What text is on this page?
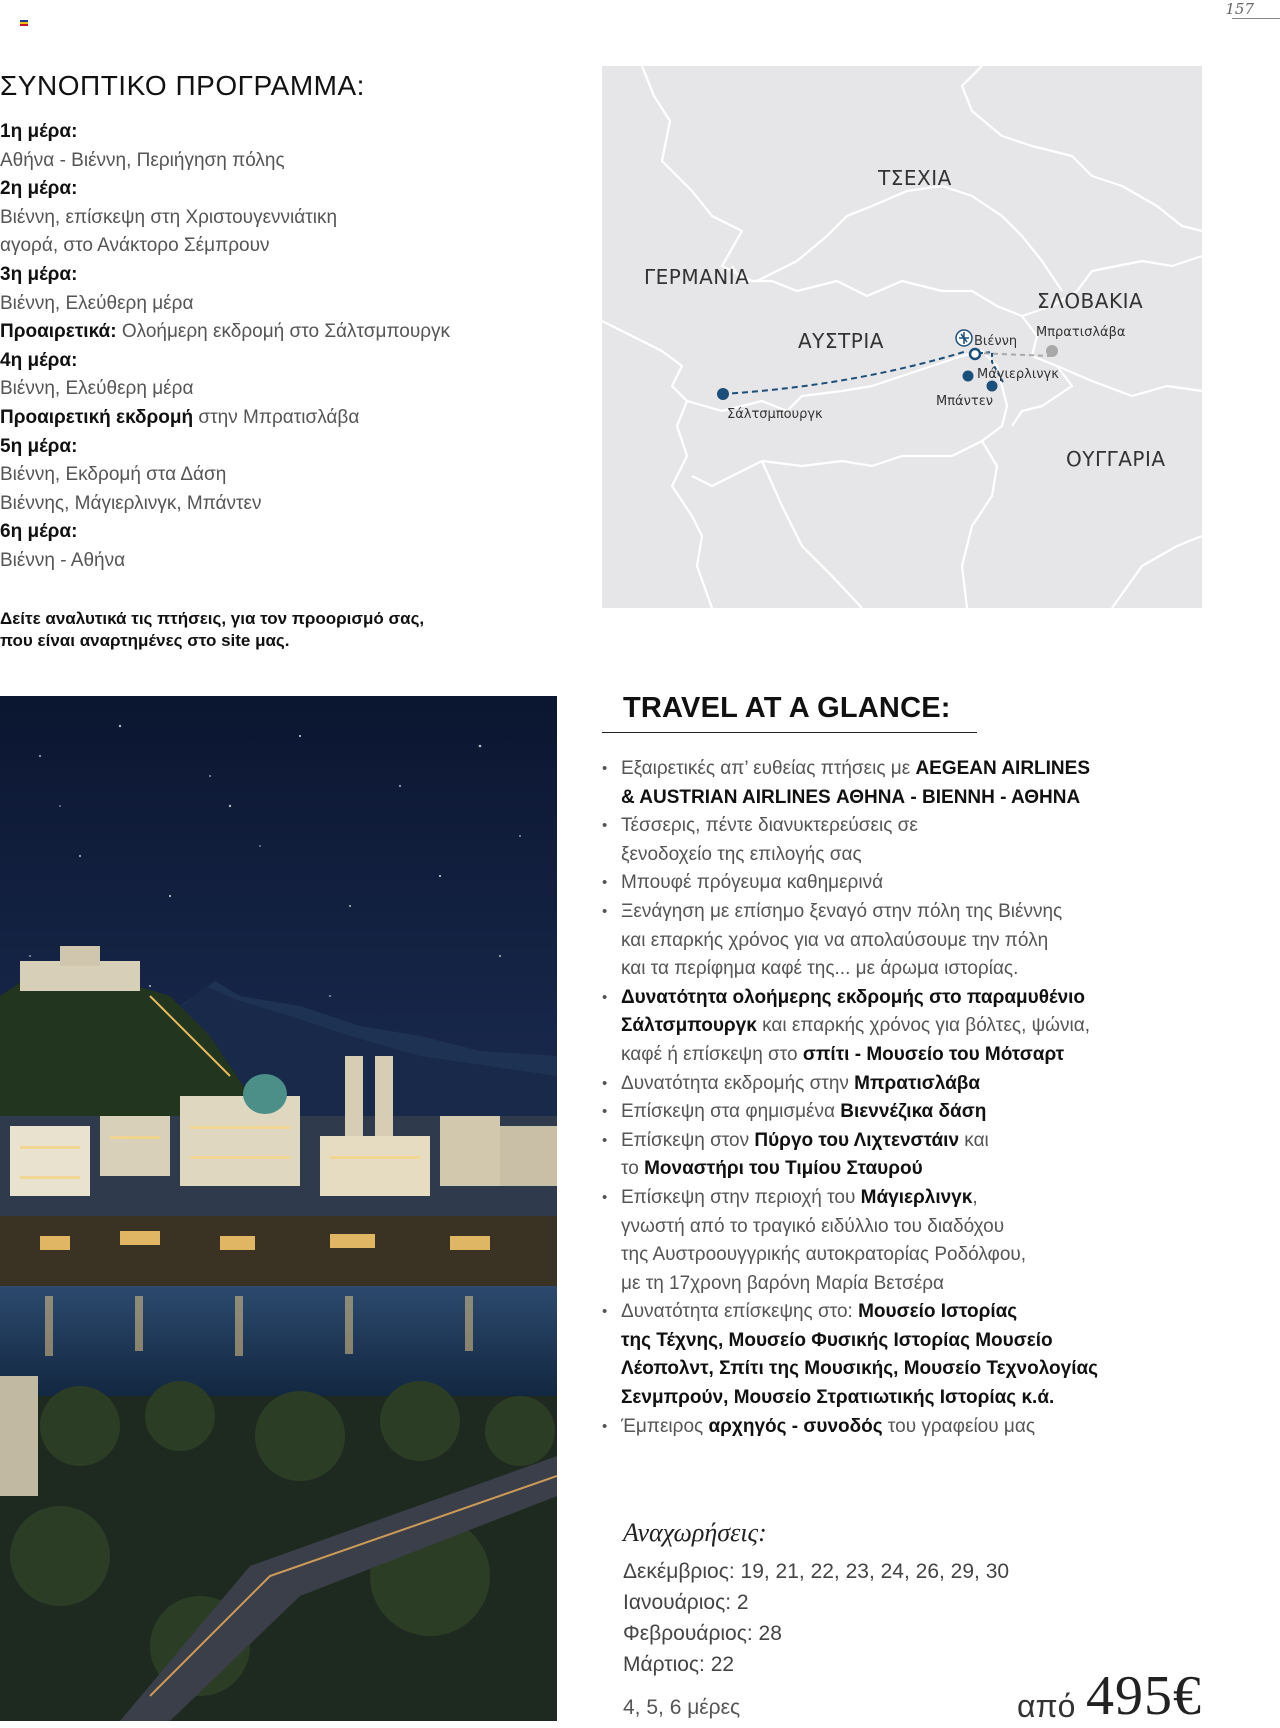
157
ΣΥΝΟΠΤΙΚΟ ΠΡΟΓΡΑΜΜΑ:
1η μέρα:
Αθήνα - Βιέννη, Περιήγηση πόλης
2η μέρα:
Βιέννη, επίσκεψη στη Χριστουγεννιάτικη
αγορά, στο Ανάκτορο Σέμπρουν
3η μέρα:
Βιέννη, Ελεύθερη μέρα
Προαιρετικά: Ολοήμερη εκδρομή στο Σάλτσμπουργκ
4η μέρα:
Βιέννη, Ελεύθερη μέρα
Προαιρετική εκδρομή στην Μπρατισλάβα
5η μέρα:
Βιέννη, Εκδρομή στα Δάση
Βιέννης, Μάγιερλινγκ, Μπάντεν
6η μέρα:
Βιέννη - Αθήνα
Δείτε αναλυτικά τις πτήσεις, για τον προορισμό σας,
που είναι αναρτημένες στο site μας.
ΤΣΕΧΙΑ
ΓΕΡΜΑΝΙΑ
ΑΥΣΤΡΙΑ
ΣΛΟΒΑΚΙΑ
ΟΥΓΓΑΡΙΑ
Βιέννη
Μπρατισλάβα
Μάγιερλινγκ
Μπάντεν
Σάλτσμπουργκ
TRAVEL AT A GLANCE:
• Εξαιρετικές απ’ ευθείας πτήσεις με AEGEAN AIRLINES
& AUSTRIAN AIRLINES ΑΘΗΝΑ - ΒΙΕΝΝΗ - ΑΘΗΝΑ
• Τέσσερις, πέντε διανυκτερεύσεις σε
ξενοδοχείο της επιλογής σας
• Μπουφέ πρόγευμα καθημερινά
• Ξενάγηση με επίσημο ξεναγό στην πόλη της Βιέννης
και επαρκής χρόνος για να απολαύσουμε την πόλη
και τα περίφημα καφέ της... με άρωμα ιστορίας.
• Δυνατότητα ολοήμερης εκδρομής στο παραμυθένιο
Σάλτσμπουργκ και επαρκής χρόνος για βόλτες, ψώνια,
καφέ ή επίσκεψη στο σπίτι - Μουσείο του Μότσαρτ
• Δυνατότητα εκδρομής στην Μπρατισλάβα
• Επίσκεψη στα φημισμένα Βιεννέζικα δάση
• Επίσκεψη στον Πύργο του Λιχτενστάιν και
το Μοναστήρι του Τιμίου Σταυρού
• Επίσκεψη στην περιοχή του Μάγιερλινγκ,
γνωστή από το τραγικό ειδύλλιο του διαδόχου
της Αυστροουγγρικής αυτοκρατορίας Ροδόλφου,
με τη 17χρονη βαρόνη Μαρία Βετσέρα
• Δυνατότητα επίσκεψης στο: Μουσείο Ιστορίας
της Τέχνης, Μουσείο Φυσικής Ιστορίας Μουσείο
Λέοπολντ, Σπίτι της Μουσικής, Μουσείο Τεχνολογίας
Σενμπρούν, Μουσείο Στρατιωτικής Ιστορίας κ.ά.
• Έμπειρος αρχηγός - συνοδός του γραφείου μας
Αναχωρήσεις:
Δεκέμβριος: 19, 21, 22, 23, 24, 26, 29, 30
Ιανουάριος: 2
Φεβρουάριος: 28
Μάρτιος: 22
4, 5, 6 μέρες	από 495€
